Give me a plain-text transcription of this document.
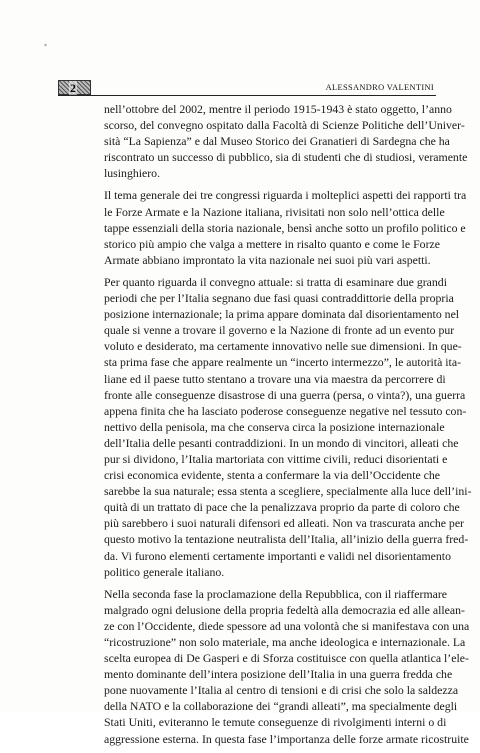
*
2	ALESSANDRO VALENTINI
nell’ottobre del 2002, mentre il periodo 1915-1943 è stato oggetto, l’anno
scorso, del convegno ospitato dalla Facoltà di Scienze Politiche dell’Univer-
sità “La Sapienza” e dal Museo Storico dei Granatieri di Sardegna che ha
riscontrato un successo di pubblico, sia di studenti che di studiosi, veramente
lusinghiero.
Il tema generale dei tre congressi riguarda i molteplici aspetti dei rapporti tra
le Forze Armate e la Nazione italiana, rivisitati non solo nell’ottica delle
tappe essenziali della storia nazionale, bensì anche sotto un profilo politico e
storico più ampio che valga a mettere in risalto quanto e come le Forze
Armate abbiano improntato la vita nazionale nei suoi più vari aspetti.
Per quanto riguarda il convegno attuale: si tratta di esaminare due grandi
periodi che per l’Italia segnano due fasi quasi contraddittorie della propria
posizione internazionale; la prima appare dominata dal disorientamento nel
quale si venne a trovare il governo e la Nazione di fronte ad un evento pur
voluto e desiderato, ma certamente innovativo nelle sue dimensioni. In que-
sta prima fase che appare realmente un “incerto intermezzo”, le autorità ita-
liane ed il paese tutto stentano a trovare una via maestra da percorrere di
fronte alle conseguenze disastrose di una guerra (persa, o vinta?), una guerra
appena finita che ha lasciato poderose conseguenze negative nel tessuto con-
nettivo della penisola, ma che conserva circa la posizione internazionale
dell’Italia delle pesanti contraddizioni. In un mondo di vincitori, alleati che
pur si dividono, l’Italia martoriata con vittime civili, reduci disorientati e
crisi economica evidente, stenta a confermare la via dell’Occidente che
sarebbe la sua naturale; essa stenta a scegliere, specialmente alla luce dell’ini-
quità di un trattato di pace che la penalizzava proprio da parte di coloro che
più sarebbero i suoi naturali difensori ed alleati. Non va trascurata anche per
questo motivo la tentazione neutralista dell’Italia, all’inizio della guerra fred-
da. Vi furono elementi certamente importanti e validi nel disorientamento
politico generale italiano.
Nella seconda fase la proclamazione della Repubblica, con il riaffermare
malgrado ogni delusione della propria fedeltà alla democrazia ed alle allean-
ze con l’Occidente, diede spessore ad una volontà che si manifestava con una
“ricostruzione” non solo materiale, ma anche ideologica e internazionale. La
scelta europea di De Gasperi e di Sforza costituisce con quella atlantica l’ele-
mento dominante dell’intera posizione dell’Italia in una guerra fredda che
pone nuovamente l’Italia al centro di tensioni e di crisi che solo la saldezza
della NATO e la collaborazione dei “grandi alleati”, ma specialmente degli
Stati Uniti, eviteranno le temute conseguenze di rivolgimenti interni o di
aggressione esterna. In questa fase l’importanza delle forze armate ricostruite
